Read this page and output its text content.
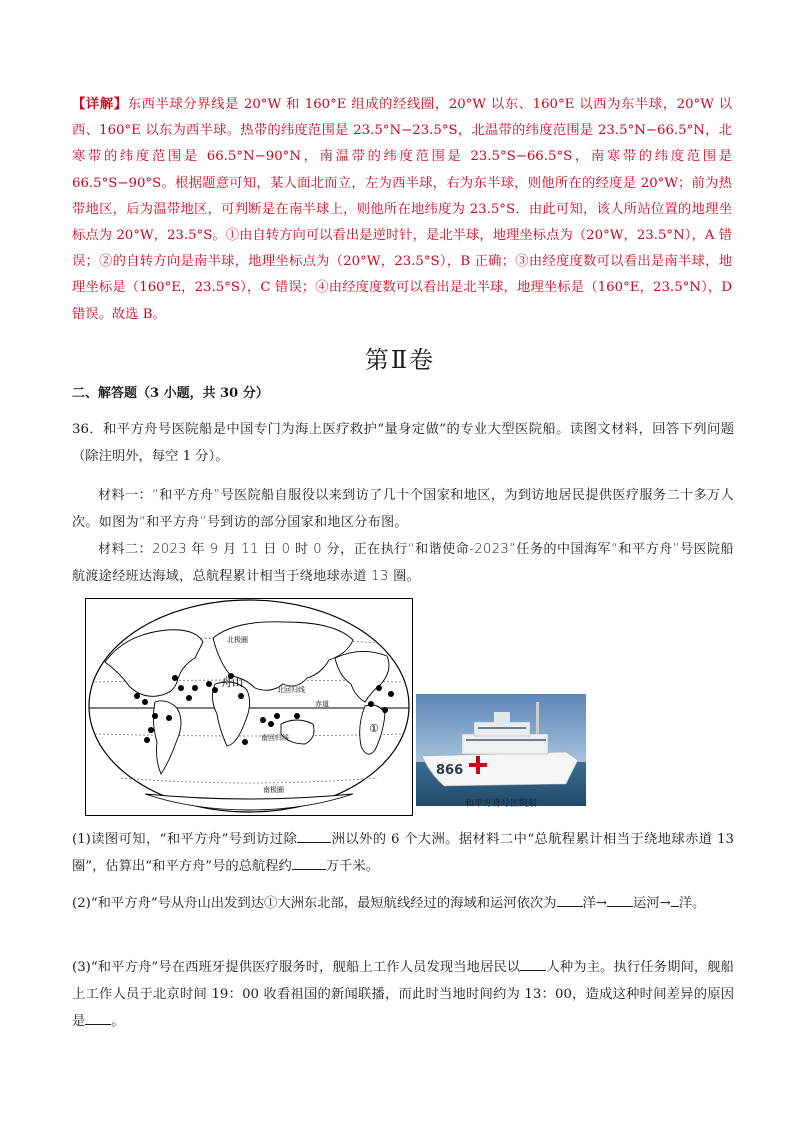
【详解】东西半球分界线是 20°W 和 160°E 组成的经线圈，20°W 以东、160°E 以西为东半球，20°W 以西、160°E 以东为西半球。热带的纬度范围是 23.5°N−23.5°S，北温带的纬度范围是 23.5°N−66.5°N，北寒带的纬度范围是 66.5°N−90°N，南温带的纬度范围是 23.5°S−66.5°S，南寒带的纬度范围是 66.5°S−90°S。根据题意可知，某人面北而立，左为西半球，右为东半球，则他所在的经度是 20°W；前为热带地区，后为温带地区，可判断是在南半球上，则他所在地纬度为 23.5°S．由此可知，该人所站位置的地理坐标点为 20°W，23.5°S。①由自转方向可以看出是逆时针，是北半球，地理坐标点为（20°W，23.5°N），A 错误；②的自转方向是南半球，地理坐标点为（20°W，23.5°S），B 正确；③由经度度数可以看出是南半球，地理坐标是（160°E，23.5°S），C 错误；④由经度度数可以看出是北半球，地理坐标是（160°E，23.5°N），D 错误。故选 B。

第Ⅱ卷
二、解答题（3 小题，共 30 分）

36．和平方舟号医院船是中国专门为海上医疗救护“量身定做”的专业大型医院船。读图文材料，回答下列问题（除注明外，每空 1 分）。

材料一：“和平方舟”号医院船自服役以来到访了几十个国家和地区，为到访地居民提供医疗服务二十多万人次。如图为“和平方舟”号到访的部分国家和地区分布图。

材料二：2023 年 9 月 11 日 0 时 0 分，正在执行“和谐使命-2023”任务的中国海军“和平方舟”号医院船航渡途经班达海域，总航程累计相当于绕地球赤道 13 圈。

北极圈
北回归线
赤道
南回归线
南极圈
舟山
①
866
和平方舟号医院船

(1)读图可知，“和平方舟”号到访过除	洲以外的 6 个大洲。据材料二中“总航程累计相当于绕地球赤道 13 圈”，估算出“和平方舟”号的总航程约	万千米。

(2)“和平方舟”号从舟山出发到达①大洲东北部，最短航线经过的海域和运河依次为 洋→ 运河→ 洋。

(3)“和平方舟”号在西班牙提供医疗服务时，舰船上工作人员发现当地居民以 人种为主。执行任务期间，舰船上工作人员于北京时间 19：00 收看祖国的新闻联播，而此时当地时间约为 13：00，造成这种时间差异的原因是 。
